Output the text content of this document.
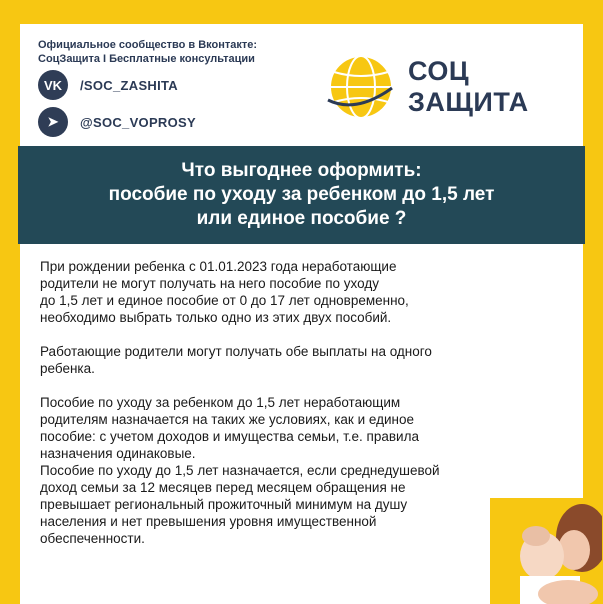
Официальное сообщество в Вконтакте:
СоцЗащита I Бесплатные консультации
VK	/SOC_ZASHITA
➤	@SOC_VOPROSY
СОЦ
ЗАЩИТА
Что выгоднее оформить:
пособие по уходу за ребенком до 1,5 лет
или единое пособие ?

При рождении ребенка с 01.01.2023 года неработающие
родители не могут получать на него пособие по уходу
до 1,5 лет и единое пособие от 0 до 17 лет одновременно,
необходимо выбрать только одно из этих двух пособий.

Работающие родители могут получать обе выплаты на одного
ребенка.

Пособие по уходу за ребенком до 1,5 лет неработающим
родителям назначается на таких же условиях, как и единое
пособие: с учетом доходов и имущества семьи, т.е. правила
назначения одинаковые.

Пособие по уходу до 1,5 лет назначается, если среднедушевой
доход семьи за 12 месяцев перед месяцем обращения не
превышает региональный прожиточный минимум на душу
населения и нет превышения уровня имущественной
обеспеченности.
